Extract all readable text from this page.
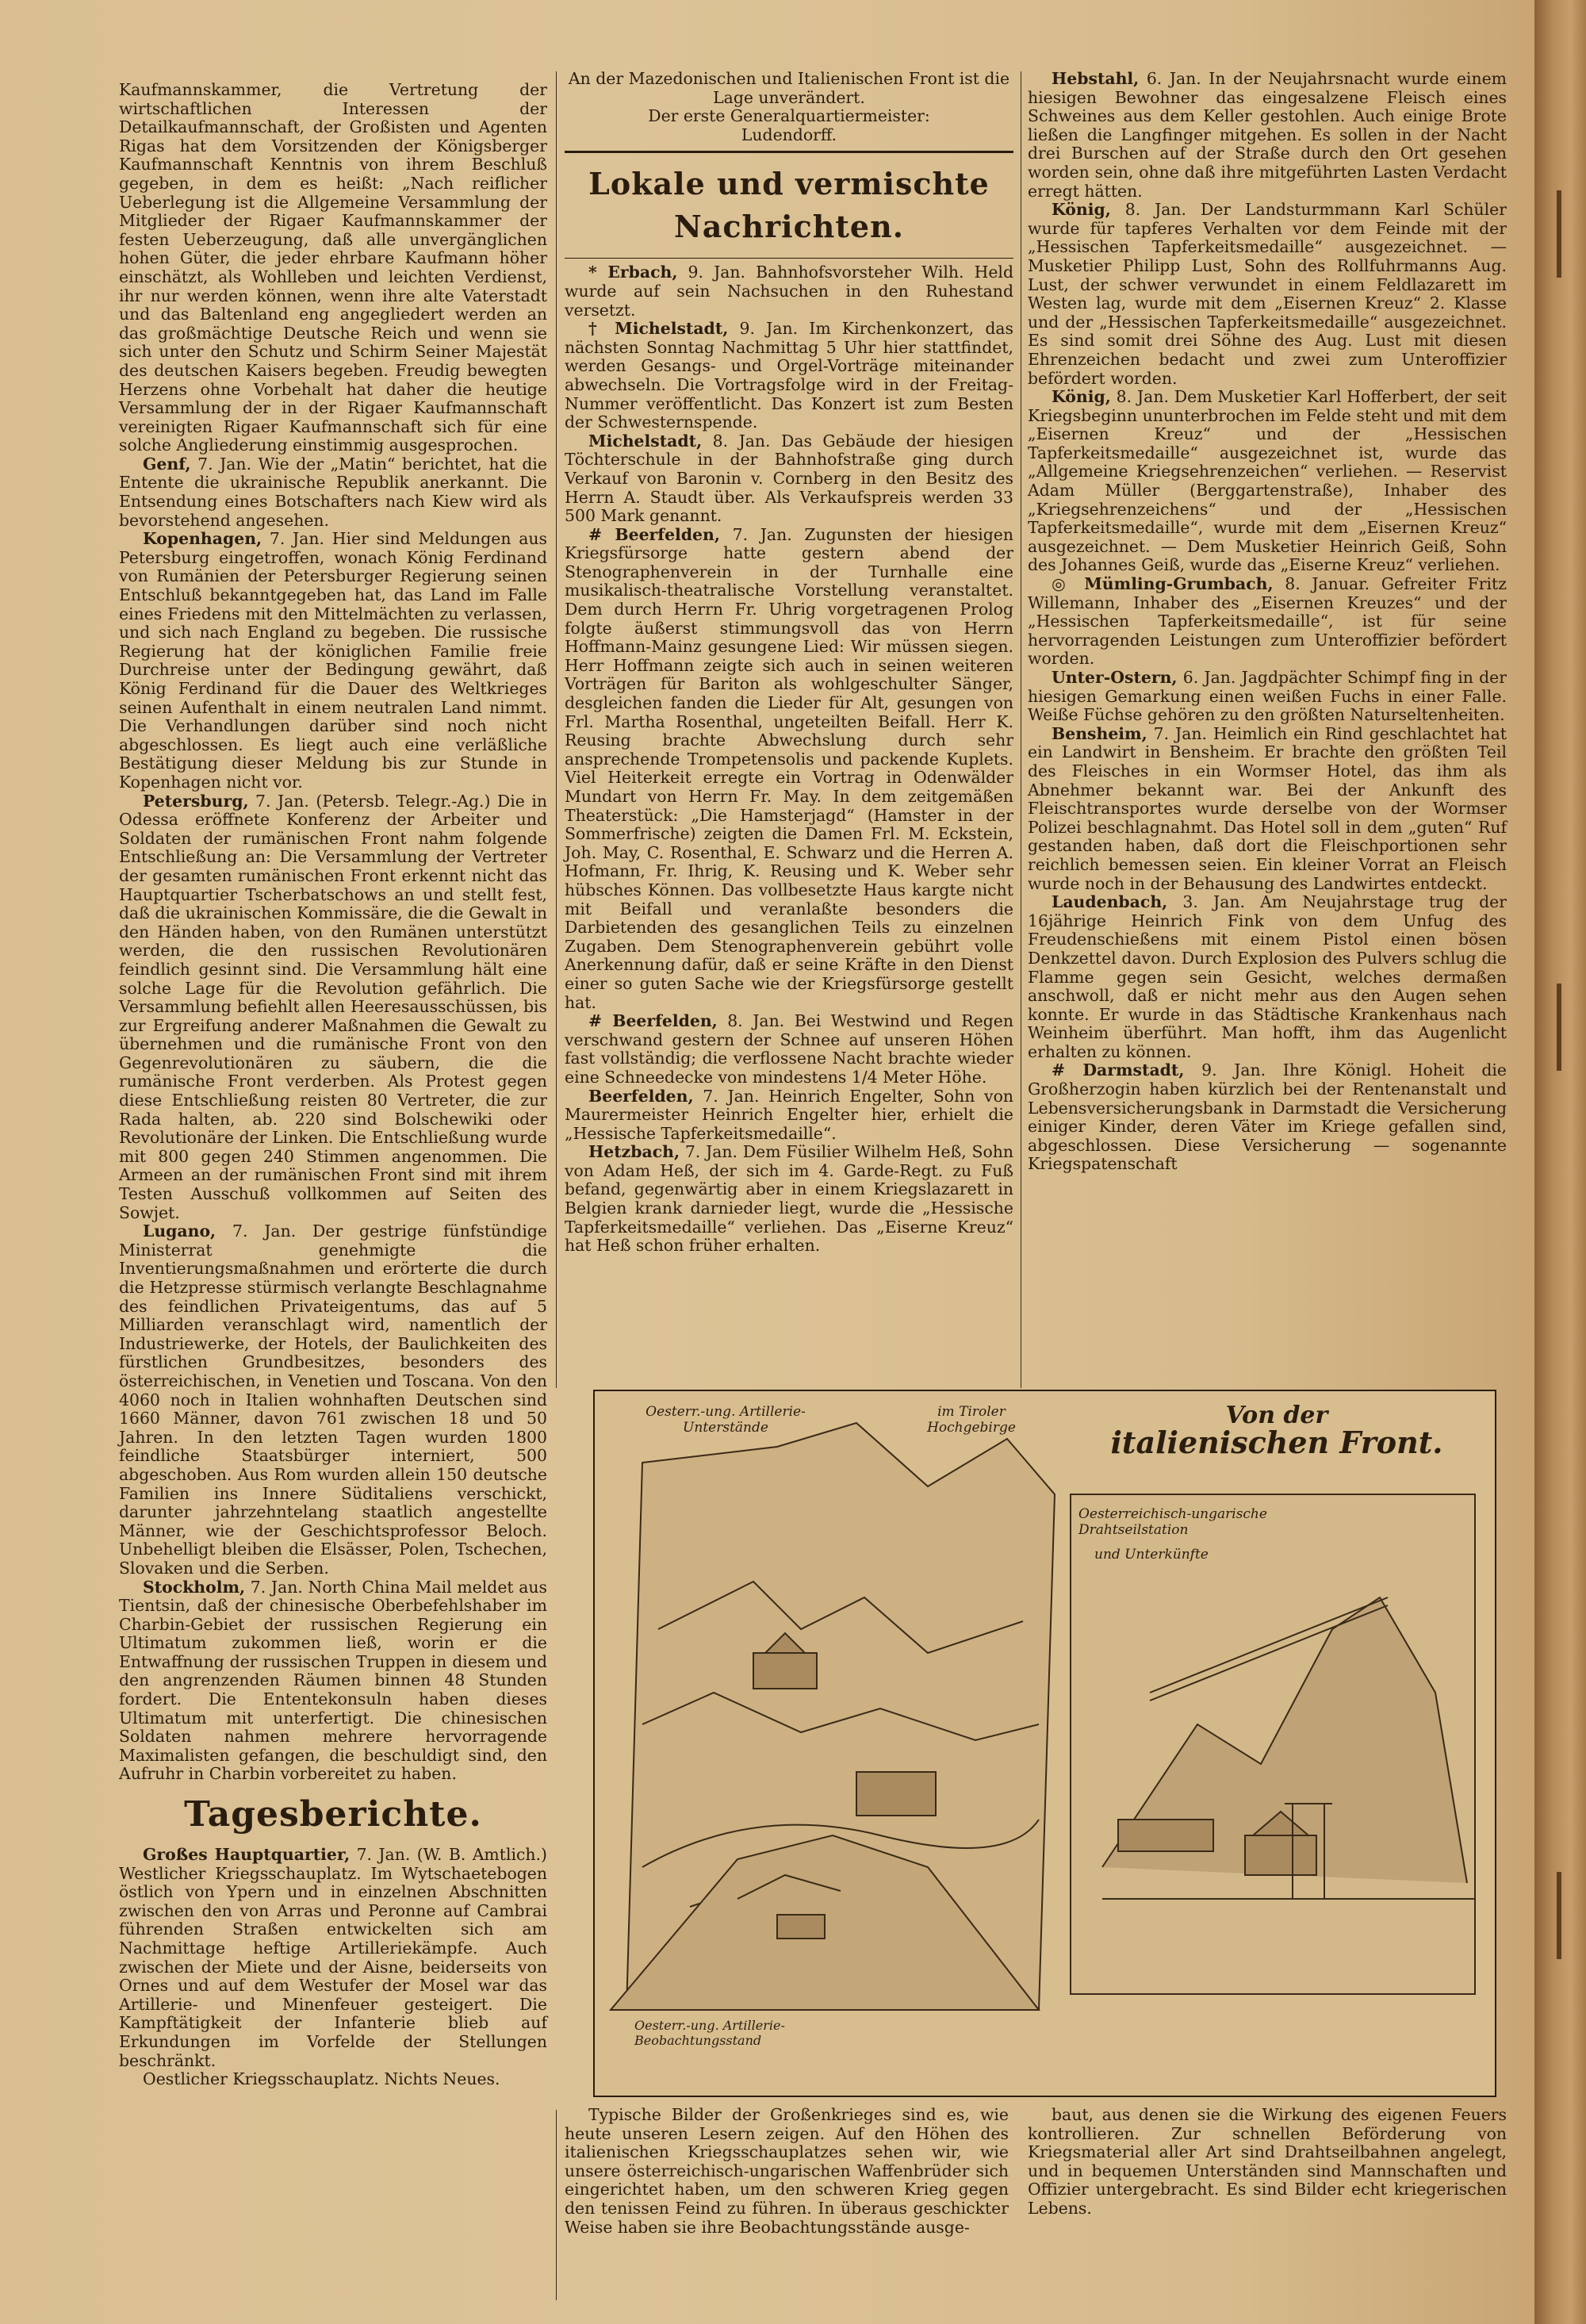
Kaufmannskammer, die Vertretung der wirtschaftlichen Interessen der Detailkaufmannschaft, der Großisten und Agenten Rigas hat dem Vorsitzenden der Königsberger Kaufmannschaft Kenntnis von ihrem Beschluß gegeben, in dem es heißt: „Nach reiflicher Ueberlegung ist die Allgemeine Versammlung der Mitglieder der Rigaer Kaufmannskammer der festen Ueberzeugung, daß alle unvergänglichen hohen Güter, die jeder ehrbare Kaufmann höher einschätzt, als Wohlleben und leichten Verdienst, ihr nur werden können, wenn ihre alte Vaterstadt und das Baltenland eng angegliedert werden an das großmächtige Deutsche Reich und wenn sie sich unter den Schutz und Schirm Seiner Majestät des deutschen Kaisers begeben. Freudig bewegten Herzens ohne Vorbehalt hat daher die heutige Versammlung der in der Rigaer Kaufmannschaft vereinigten Rigaer Kaufmannschaft sich für eine solche Angliederung einstimmig ausgesprochen.

Genf, 7. Jan. Wie der „Matin“ berichtet, hat die Entente die ukrainische Republik anerkannt. Die Entsendung eines Botschafters nach Kiew wird als bevorstehend angesehen.

Kopenhagen, 7. Jan. Hier sind Meldungen aus Petersburg eingetroffen, wonach König Ferdinand von Rumänien der Petersburger Regierung seinen Entschluß bekanntgegeben hat, das Land im Falle eines Friedens mit den Mittelmächten zu verlassen, und sich nach England zu begeben. Die russische Regierung hat der königlichen Familie freie Durchreise unter der Bedingung gewährt, daß König Ferdinand für die Dauer des Weltkrieges seinen Aufenthalt in einem neutralen Land nimmt. Die Verhandlungen darüber sind noch nicht abgeschlossen. Es liegt auch eine verläßliche Bestätigung dieser Meldung bis zur Stunde in Kopenhagen nicht vor.

Petersburg, 7. Jan. (Petersb. Telegr.-Ag.) Die in Odessa eröffnete Konferenz der Arbeiter und Soldaten der rumänischen Front nahm folgende Entschließung an: Die Versammlung der Vertreter der gesamten rumänischen Front erkennt nicht das Hauptquartier Tscherbatschows an und stellt fest, daß die ukrainischen Kommissäre, die die Gewalt in den Händen haben, von den Rumänen unterstützt werden, die den russischen Revolutionären feindlich gesinnt sind. Die Versammlung hält eine solche Lage für die Revolution gefährlich. Die Versammlung befiehlt allen Heeresausschüssen, bis zur Ergreifung anderer Maßnahmen die Gewalt zu übernehmen und die rumänische Front von den Gegenrevolutionären zu säubern, die die rumänische Front verderben. Als Protest gegen diese Entschließung reisten 80 Vertreter, die zur Rada halten, ab. 220 sind Bolschewiki oder Revolutionäre der Linken. Die Entschließung wurde mit 800 gegen 240 Stimmen angenommen. Die Armeen an der rumänischen Front sind mit ihrem Testen Ausschuß vollkommen auf Seiten des Sowjet.

Lugano, 7. Jan. Der gestrige fünfstündige Ministerrat genehmigte die Inventierungsmaßnahmen und erörterte die durch die Hetzpresse stürmisch verlangte Beschlagnahme des feindlichen Privateigentums, das auf 5 Milliarden veranschlagt wird, namentlich der Industriewerke, der Hotels, der Baulichkeiten des fürstlichen Grundbesitzes, besonders des österreichischen, in Venetien und Toscana. Von den 4060 noch in Italien wohnhaften Deutschen sind 1660 Männer, davon 761 zwischen 18 und 50 Jahren. In den letzten Tagen wurden 1800 feindliche Staatsbürger interniert, 500 abgeschoben. Aus Rom wurden allein 150 deutsche Familien ins Innere Süditaliens verschickt, darunter jahrzehntelang staatlich angestellte Männer, wie der Geschichtsprofessor Beloch. Unbehelligt bleiben die Elsässer, Polen, Tschechen, Slovaken und die Serben.

Stockholm, 7. Jan. North China Mail meldet aus Tientsin, daß der chinesische Oberbefehlshaber im Charbin-Gebiet der russischen Regierung ein Ultimatum zukommen ließ, worin er die Entwaffnung der russischen Truppen in diesem und den angrenzenden Räumen binnen 48 Stunden fordert. Die Ententekonsuln haben dieses Ultimatum mit unterfertigt. Die chinesischen Soldaten nahmen mehrere hervorragende Maximalisten gefangen, die beschuldigt sind, den Aufruhr in Charbin vorbereitet zu haben.

Tagesberichte.

Großes Hauptquartier, 7. Jan. (W. B. Amtlich.) Westlicher Kriegsschauplatz. Im Wytschaetebogen östlich von Ypern und in einzelnen Abschnitten zwischen den von Arras und Peronne auf Cambrai führenden Straßen entwickelten sich am Nachmittage heftige Artilleriekämpfe. Auch zwischen der Miete und der Aisne, beiderseits von Ornes und auf dem Westufer der Mosel war das Artillerie- und Minenfeuer gesteigert. Die Kampftätigkeit der Infanterie blieb auf Erkundungen im Vorfelde der Stellungen beschränkt.

Oestlicher Kriegsschauplatz. Nichts Neues.

An der Mazedonischen und Italienischen Front ist die Lage unverändert.

Der erste Generalquartiermeister:

Ludendorff.

Lokale und vermischte Nachrichten.

* Erbach, 9. Jan. Bahnhofsvorsteher Wilh. Held wurde auf sein Nachsuchen in den Ruhestand versetzt.

† Michelstadt, 9. Jan. Im Kirchenkonzert, das nächsten Sonntag Nachmittag 5 Uhr hier stattfindet, werden Gesangs- und Orgel-Vorträge miteinander abwechseln. Die Vortragsfolge wird in der Freitag-Nummer veröffentlicht. Das Konzert ist zum Besten der Schwesternspende.

Michelstadt, 8. Jan. Das Gebäude der hiesigen Töchterschule in der Bahnhofstraße ging durch Verkauf von Baronin v. Cornberg in den Besitz des Herrn A. Staudt über. Als Verkaufspreis werden 33 500 Mark genannt.

# Beerfelden, 7. Jan. Zugunsten der hiesigen Kriegsfürsorge hatte gestern abend der Stenographenverein in der Turnhalle eine musikalisch-theatralische Vorstellung veranstaltet. Dem durch Herrn Fr. Uhrig vorgetragenen Prolog folgte äußerst stimmungsvoll das von Herrn Hoffmann-Mainz gesungene Lied: Wir müssen siegen. Herr Hoffmann zeigte sich auch in seinen weiteren Vorträgen für Bariton als wohlgeschulter Sänger, desgleichen fanden die Lieder für Alt, gesungen von Frl. Martha Rosenthal, ungeteilten Beifall. Herr K. Reusing brachte Abwechslung durch sehr ansprechende Trompetensolis und packende Kuplets. Viel Heiterkeit erregte ein Vortrag in Odenwälder Mundart von Herrn Fr. May. In dem zeitgemäßen Theaterstück: „Die Hamsterjagd“ (Hamster in der Sommerfrische) zeigten die Damen Frl. M. Eckstein, Joh. May, C. Rosenthal, E. Schwarz und die Herren A. Hofmann, Fr. Ihrig, K. Reusing und K. Weber sehr hübsches Können. Das vollbesetzte Haus kargte nicht mit Beifall und veranlaßte besonders die Darbietenden des gesanglichen Teils zu einzelnen Zugaben. Dem Stenographenverein gebührt volle Anerkennung dafür, daß er seine Kräfte in den Dienst einer so guten Sache wie der Kriegsfürsorge gestellt hat.

# Beerfelden, 8. Jan. Bei Westwind und Regen verschwand gestern der Schnee auf unseren Höhen fast vollständig; die verflossene Nacht brachte wieder eine Schneedecke von mindestens 1/4 Meter Höhe.

Beerfelden, 7. Jan. Heinrich Engelter, Sohn von Maurermeister Heinrich Engelter hier, erhielt die „Hessische Tapferkeitsmedaille“.

Hetzbach, 7. Jan. Dem Füsilier Wilhelm Heß, Sohn von Adam Heß, der sich im 4. Garde-Regt. zu Fuß befand, gegenwärtig aber in einem Kriegslazarett in Belgien krank darnieder liegt, wurde die „Hessische Tapferkeitsmedaille“ verliehen. Das „Eiserne Kreuz“ hat Heß schon früher erhalten.

Hebstahl, 6. Jan. In der Neujahrsnacht wurde einem hiesigen Bewohner das eingesalzene Fleisch eines Schweines aus dem Keller gestohlen. Auch einige Brote ließen die Langfinger mitgehen. Es sollen in der Nacht drei Burschen auf der Straße durch den Ort gesehen worden sein, ohne daß ihre mitgeführten Lasten Verdacht erregt hätten.

König, 8. Jan. Der Landsturmmann Karl Schüler wurde für tapferes Verhalten vor dem Feinde mit der „Hessischen Tapferkeitsmedaille“ ausgezeichnet. — Musketier Philipp Lust, Sohn des Rollfuhrmanns Aug. Lust, der schwer verwundet in einem Feldlazarett im Westen lag, wurde mit dem „Eisernen Kreuz“ 2. Klasse und der „Hessischen Tapferkeitsmedaille“ ausgezeichnet. Es sind somit drei Söhne des Aug. Lust mit diesen Ehrenzeichen bedacht und zwei zum Unteroffizier befördert worden.

König, 8. Jan. Dem Musketier Karl Hofferbert, der seit Kriegsbeginn ununterbrochen im Felde steht und mit dem „Eisernen Kreuz“ und der „Hessischen Tapferkeitsmedaille“ ausgezeichnet ist, wurde das „Allgemeine Kriegsehrenzeichen“ verliehen. — Reservist Adam Müller (Berggartenstraße), Inhaber des „Kriegsehrenzeichens“ und der „Hessischen Tapferkeitsmedaille“, wurde mit dem „Eisernen Kreuz“ ausgezeichnet. — Dem Musketier Heinrich Geiß, Sohn des Johannes Geiß, wurde das „Eiserne Kreuz“ verliehen.

◎ Mümling-Grumbach, 8. Januar. Gefreiter Fritz Willemann, Inhaber des „Eisernen Kreuzes“ und der „Hessischen Tapferkeitsmedaille“, ist für seine hervorragenden Leistungen zum Unteroffizier befördert worden.

Unter-Ostern, 6. Jan. Jagdpächter Schimpf fing in der hiesigen Gemarkung einen weißen Fuchs in einer Falle. Weiße Füchse gehören zu den größten Naturseltenheiten.

Bensheim, 7. Jan. Heimlich ein Rind geschlachtet hat ein Landwirt in Bensheim. Er brachte den größten Teil des Fleisches in ein Wormser Hotel, das ihm als Abnehmer bekannt war. Bei der Ankunft des Fleischtransportes wurde derselbe von der Wormser Polizei beschlagnahmt. Das Hotel soll in dem „guten“ Ruf gestanden haben, daß dort die Fleischportionen sehr reichlich bemessen seien. Ein kleiner Vorrat an Fleisch wurde noch in der Behausung des Landwirtes entdeckt.

Laudenbach, 3. Jan. Am Neujahrstage trug der 16jährige Heinrich Fink von dem Unfug des Freudenschießens mit einem Pistol einen bösen Denkzettel davon. Durch Explosion des Pulvers schlug die Flamme gegen sein Gesicht, welches dermaßen anschwoll, daß er nicht mehr aus den Augen sehen konnte. Er wurde in das Städtische Krankenhaus nach Weinheim überführt. Man hofft, ihm das Augenlicht erhalten zu können.

# Darmstadt, 9. Jan. Ihre Königl. Hoheit die Großherzogin haben kürzlich bei der Rentenanstalt und Lebensversicherungsbank in Darmstadt die Versicherung einiger Kinder, deren Väter im Kriege gefallen sind, abgeschlossen. Diese Versicherung — sogenannte Kriegspatenschaft

Von der
italienischen Front.
Oesterr.-ung. Artillerie-Unterstände
im Tiroler Hochgebirge
Oesterreichisch-ungarische Drahtseilstation
und Unterkünfte
Oesterr.-ung. Artillerie-Beobachtungsstand

Typische Bilder der Großenkrieges sind es, wie heute unseren Lesern zeigen. Auf den Höhen des italienischen Kriegsschauplatzes sehen wir, wie unsere österreichisch-ungarischen Waffenbrüder sich eingerichtet haben, um den schweren Krieg gegen den tenissen Feind zu führen. In überaus geschickter Weise haben sie ihre Beobachtungsstände ausge-

baut, aus denen sie die Wirkung des eigenen Feuers kontrollieren. Zur schnellen Beförderung von Kriegsmaterial aller Art sind Drahtseilbahnen angelegt, und in bequemen Unterständen sind Mannschaften und Offizier untergebracht. Es sind Bilder echt kriegerischen Lebens.
